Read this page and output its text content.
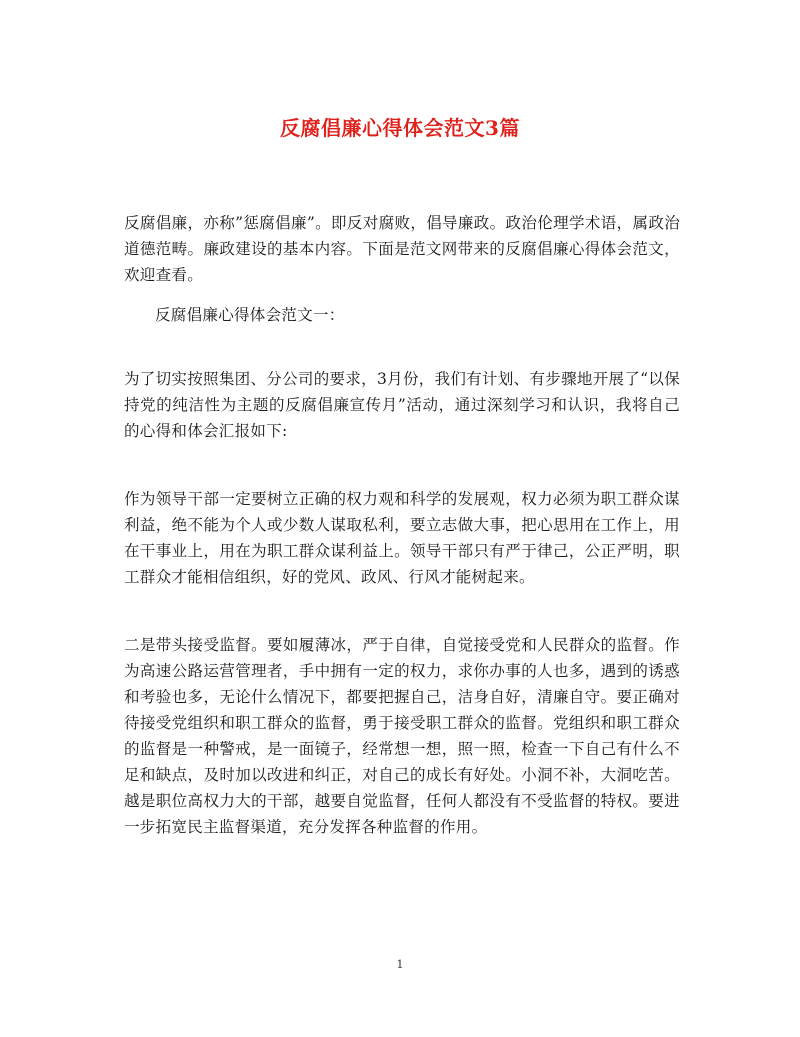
反腐倡廉心得体会范文3篇
反腐倡廉，亦称”惩腐倡廉”。即反对腐败，倡导廉政。政治伦理学术语，属政治道德范畴。廉政建设的基本内容。下面是范文网带来的反腐倡廉心得体会范文，欢迎查看。
反腐倡廉心得体会范文一：
为了切实按照集团、分公司的要求，3月份，我们有计划、有步骤地开展了“以保持党的纯洁性为主题的反腐倡廉宣传月”活动，通过深刻学习和认识，我将自己的心得和体会汇报如下:
作为领导干部一定要树立正确的权力观和科学的发展观，权力必须为职工群众谋利益，绝不能为个人或少数人谋取私利，要立志做大事，把心思用在工作上，用在干事业上，用在为职工群众谋利益上。领导干部只有严于律己，公正严明，职工群众才能相信组织，好的党风、政风、行风才能树起来。
二是带头接受监督。要如履薄冰，严于自律，自觉接受党和人民群众的监督。作为高速公路运营管理者，手中拥有一定的权力，求你办事的人也多，遇到的诱惑和考验也多，无论什么情况下，都要把握自己，洁身自好，清廉自守。要正确对待接受党组织和职工群众的监督，勇于接受职工群众的监督。党组织和职工群众的监督是一种警戒，是一面镜子，经常想一想，照一照，检查一下自己有什么不足和缺点，及时加以改进和纠正，对自己的成长有好处。小洞不补，大洞吃苦。越是职位高权力大的干部，越要自觉监督，任何人都没有不受监督的特权。要进一步拓宽民主监督渠道，充分发挥各种监督的作用。
1
